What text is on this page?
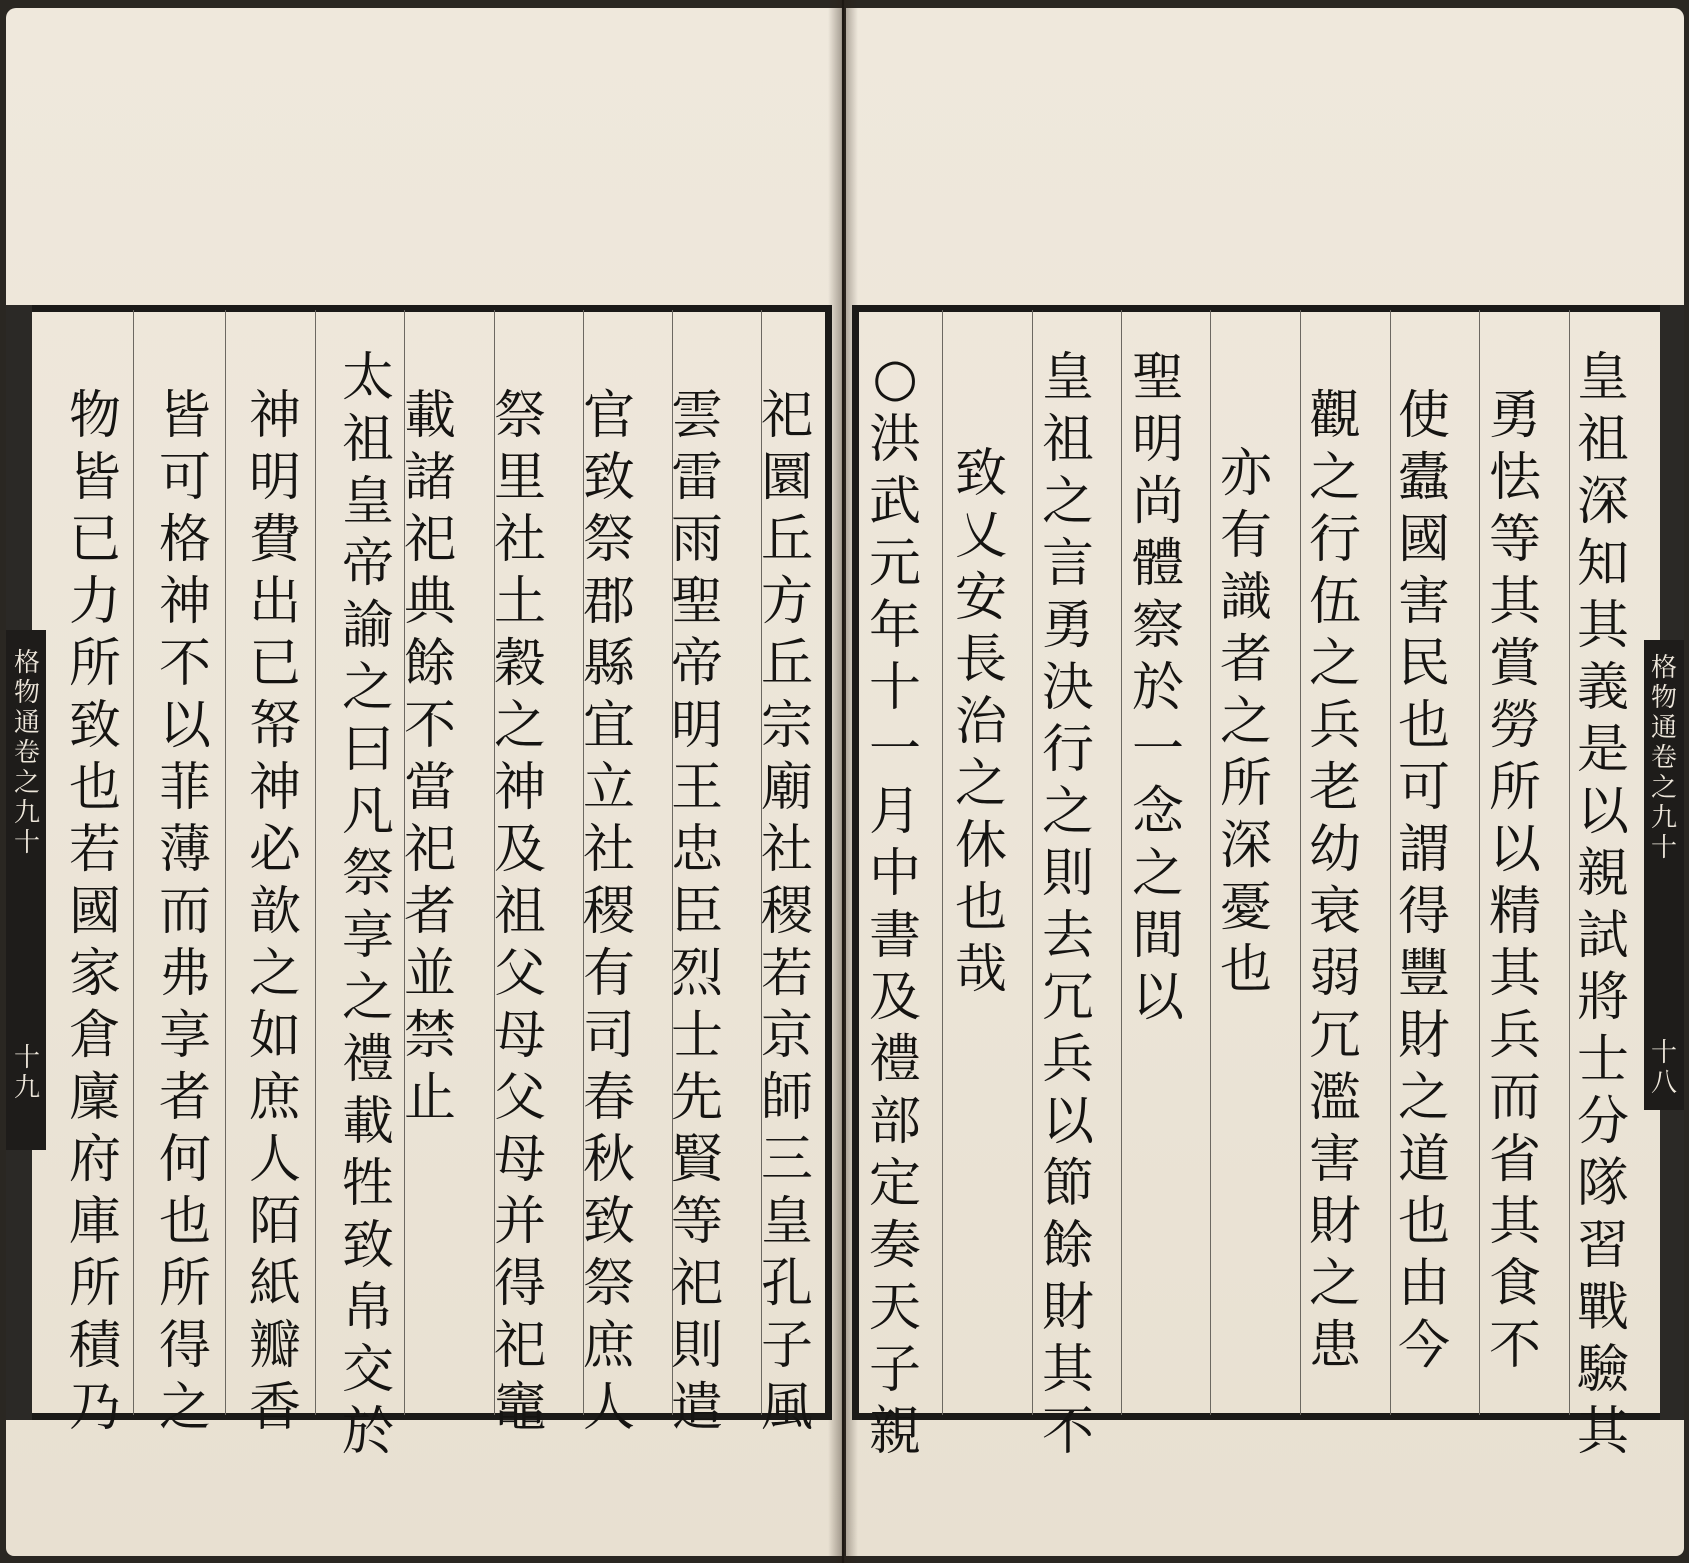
格
物
通
卷
之
九
十
十
九
格
物
通
卷
之
九
十
十
八
祀
圜
丘
方
丘
宗
廟
社
稷
若
京
師
三
皇
孔
子
風
雲
雷
雨
聖
帝
明
王
忠
臣
烈
士
先
賢
等
祀
則
遣
官
致
祭
郡
縣
宜
立
社
稷
有
司
春
秋
致
祭
庶
人
祭
里
社
土
穀
之
神
及
祖
父
母
父
母
并
得
祀
竈
載
諸
祀
典
餘
不
當
祀
者
並
禁
止
太
祖
皇
帝
諭
之
曰
凡
祭
享
之
禮
載
牲
致
帛
交
於
神
明
費
出
已
帑
神
必
歆
之
如
庶
人
陌
紙
瓣
香
皆
可
格
神
不
以
菲
薄
而
弗
享
者
何
也
所
得
之
物
皆
已
力
所
致
也
若
國
家
倉
廩
府
庫
所
積
乃
皇
祖
深
知
其
義
是
以
親
試
將
士
分
隊
習
戰
驗
其
勇
怯
等
其
賞
勞
所
以
精
其
兵
而
省
其
食
不
使
蠹
國
害
民
也
可
謂
得
豐
財
之
道
也
由
今
觀
之
行
伍
之
兵
老
幼
衰
弱
冗
濫
害
財
之
患
亦
有
識
者
之
所
深
憂
也
聖
明
尚
體
察
於
一
念
之
間
以
皇
祖
之
言
勇
決
行
之
則
去
冗
兵
以
節
餘
財
其
不
致
乂
安
長
治
之
休
也
哉
○
洪
武
元
年
十
一
月
中
書
及
禮
部
定
奏
天
子
親
